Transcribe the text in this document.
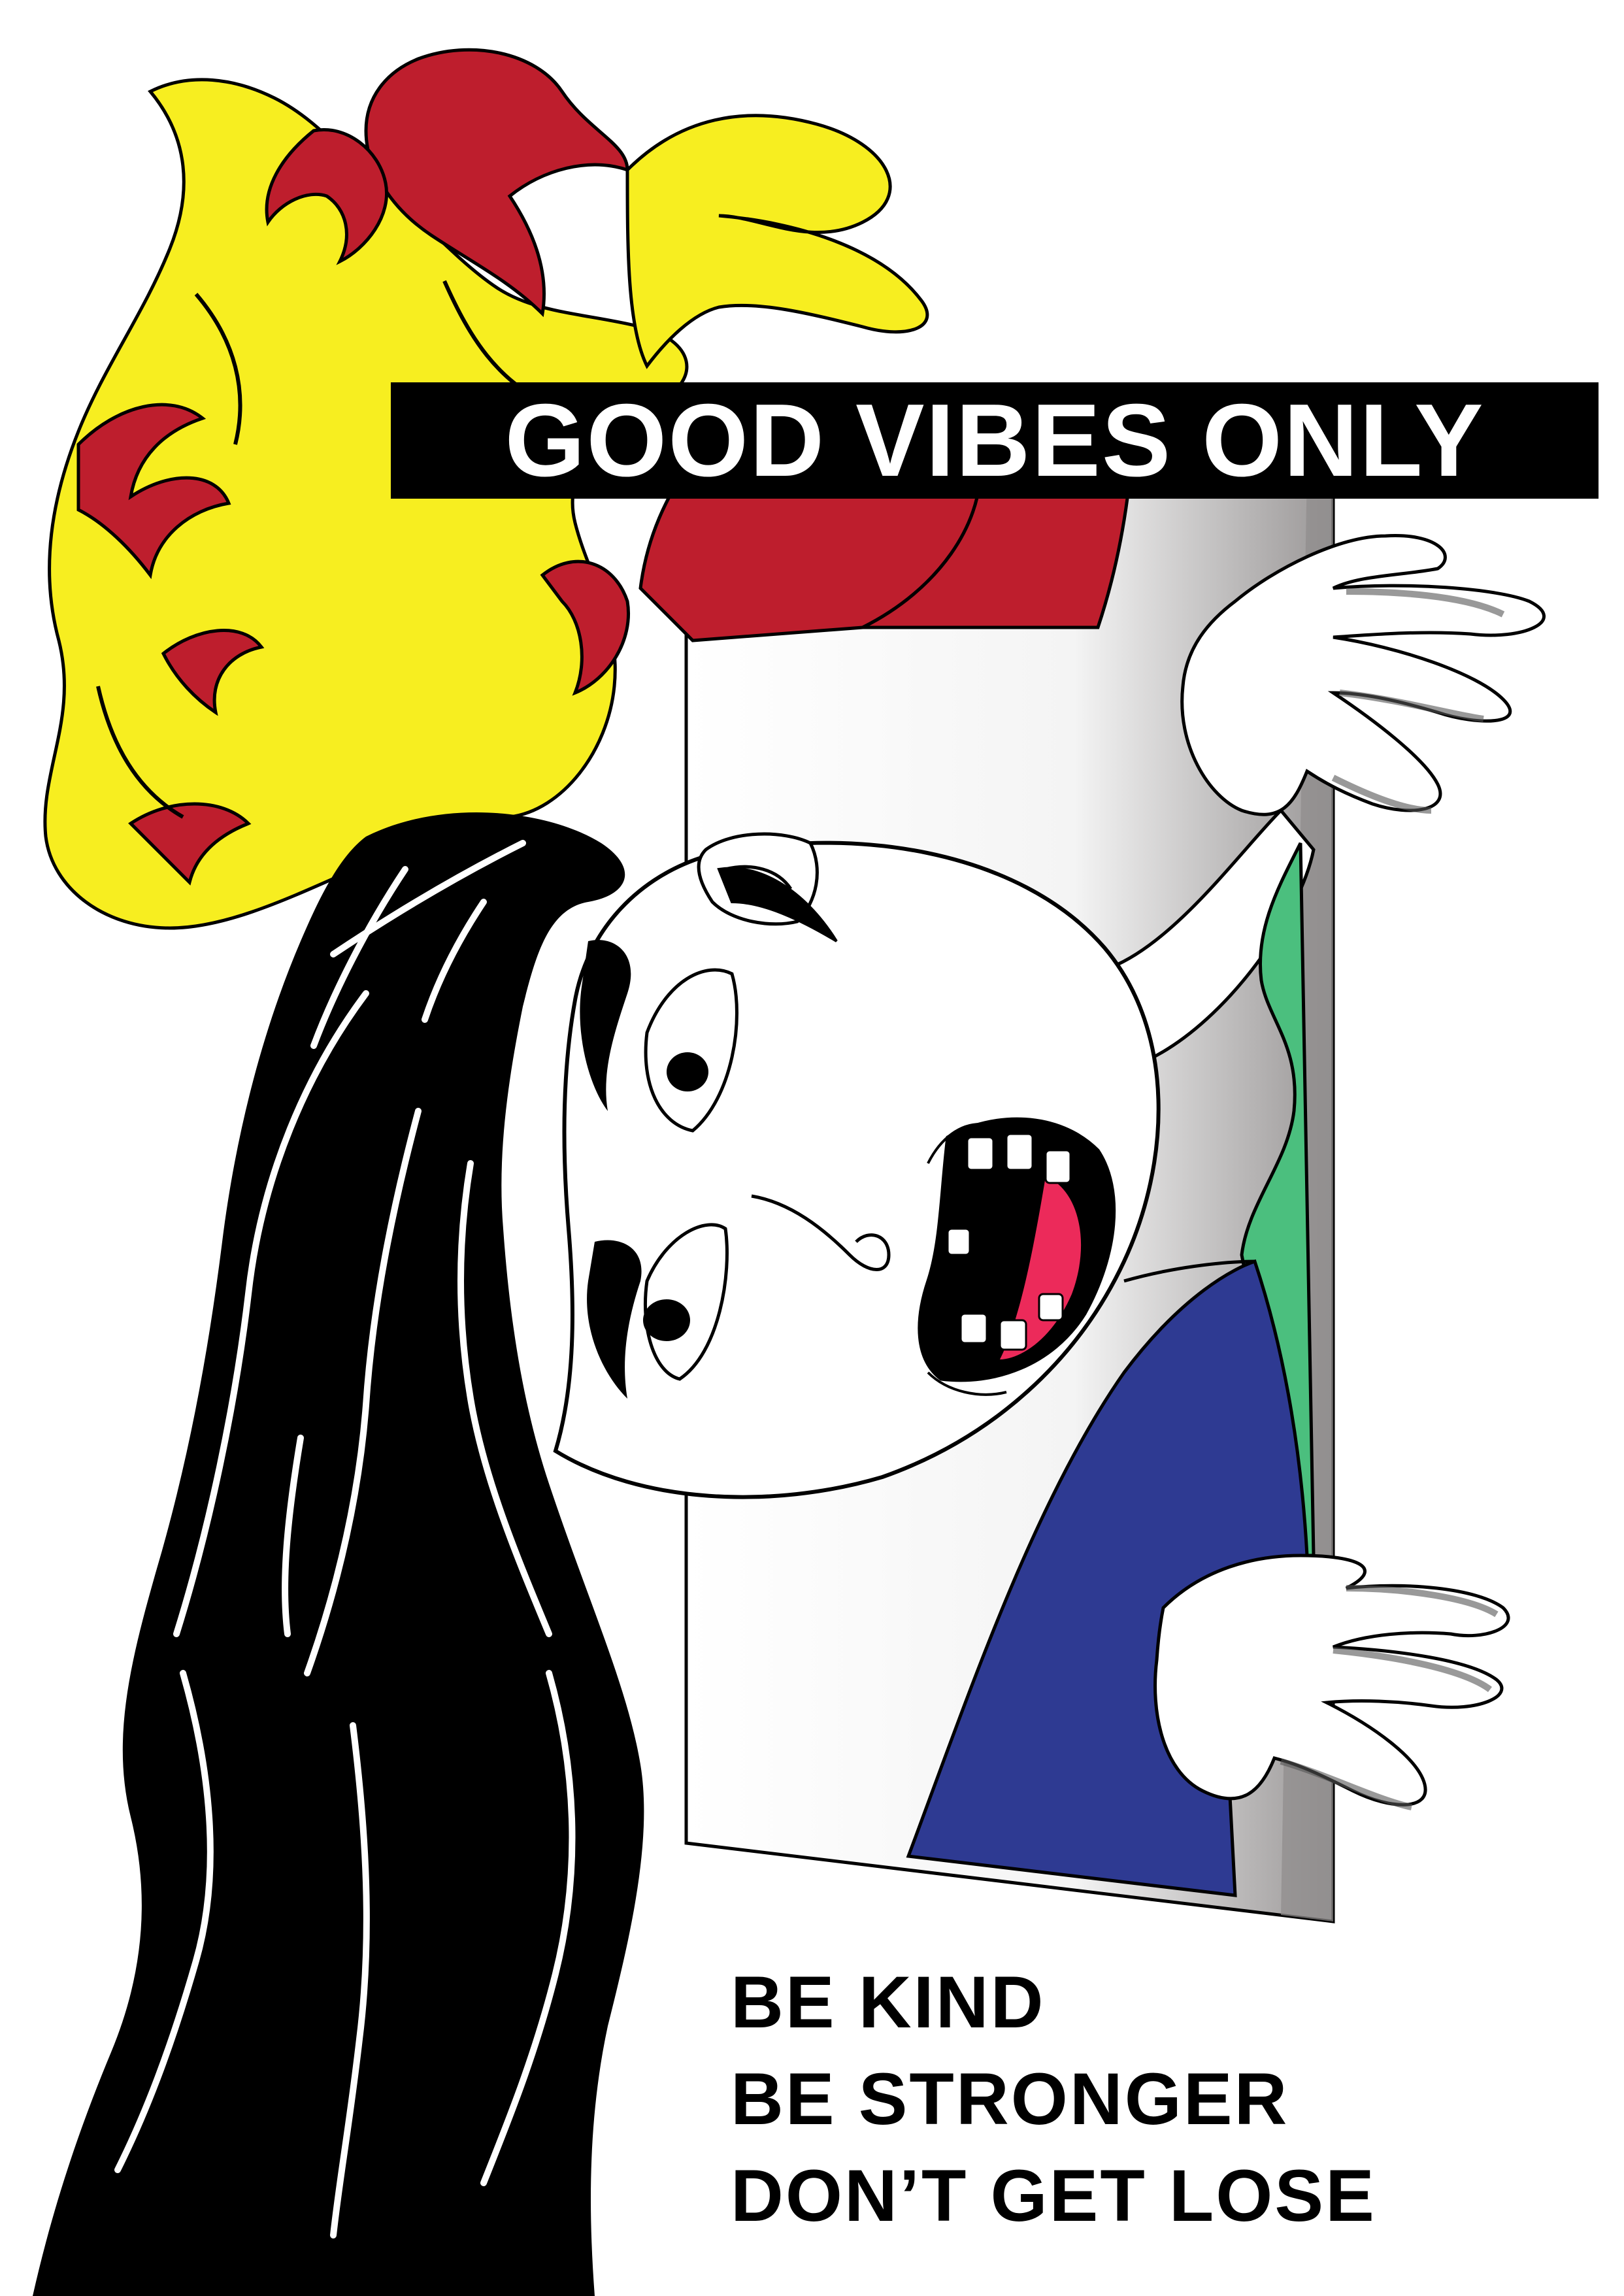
GOOD VIBES ONLY
BE KIND
BE STRONGER
DON’T GET LOSE
